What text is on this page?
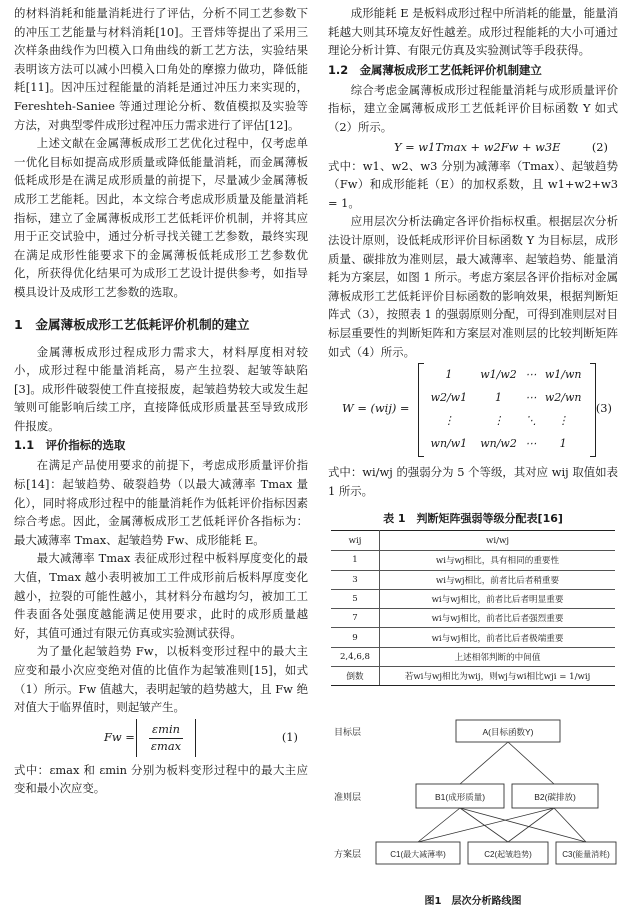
的材料消耗和能量消耗进行了评估，分析不同工艺参数下的冲压工艺能量与材料消耗[10]。王晋炜等提出了采用三次样条曲线作为凹模入口角曲线的新工艺方法，实验结果表明该方法可以减小凹模入口角处的摩擦力做功，降低能耗[11]。因冲压过程能量的消耗是通过冲压力来实现的，Fereshteh-Saniee 等通过理论分析、数值模拟及实验等方法，对典型零件成形过程冲压力需求进行了评估[12]。

上述文献在金属薄板成形工艺优化过程中，仅考虑单一优化目标如提高成形质量或降低能量消耗，而金属薄板低耗成形是在满足成形质量的前提下，尽量减少金属薄板成形工艺能耗。因此，本文综合考虑成形质量及能量消耗指标，建立了金属薄板成形工艺低耗评价机制，并将其应用于正交试验中，通过分析寻找关键工艺参数，最终实现在满足成形性能要求下的金属薄板低耗成形工艺参数优化，所获得优化结果可为成形工艺设计提供参考，如指导模具设计及成形工艺参数的选取。

1　金属薄板成形工艺低耗评价机制的建立

金属薄板成形过程成形力需求大，材料厚度相对较小，成形过程中能量消耗高，易产生拉裂、起皱等缺陷[3]。成形件破裂使工件直接报废，起皱趋势较大或发生起皱则可能影响后续工序，直接降低成形质量甚至导致成形件报废。

1.1　评价指标的选取

在满足产品使用要求的前提下，考虑成形质量评价指标[14]：起皱趋势、破裂趋势（以最大减薄率 Tmax 量化），同时将成形过程中的能量消耗作为低耗评价指标因素综合考虑。因此，金属薄板成形工艺低耗评价各指标为：最大减薄率 Tmax、起皱趋势 Fw、成形能耗 E。

最大减薄率 Tmax 表征成形过程中板料厚度变化的最大值，Tmax 越小表明被加工工件成形前后板料厚度变化越小，拉裂的可能性越小，其材料分布越均匀，被加工工件表面各处强度越能满足使用要求，此时的成形质量越好，其值可通过有限元仿真或实验测试获得。

为了量化起皱趋势 Fw，以板料变形过程中的最大主应变和最小次应变绝对值的比值作为起皱准则[15]，如式（1）所示。Fw 值越大，表明起皱的趋势越大，且 Fw 绝对值大于临界值时，则起皱产生。

Fw =
εmin
εmax
(1)

式中：εmax 和 εmin 分别为板料变形过程中的最大主应变和最小次应变。

成形能耗 E 是板料成形过程中所消耗的能量，能量消耗越大则其环境友好性越差。成形过程能耗的大小可通过理论分析计算、有限元仿真及实验测试等手段获得。

1.2　金属薄板成形工艺低耗评价机制建立

综合考虑金属薄板成形过程能量消耗与成形质量评价指标，建立金属薄板成形工艺低耗评价目标函数 Y 如式（2）所示。

Y = w1Tmax + w2Fw + w3E	(2)

式中：w1、w2、w3 分别为减薄率（Tmax）、起皱趋势（Fw）和成形能耗（E）的加权系数，且 w1+w2+w3 = 1。

应用层次分析法确定各评价指标权重。根据层次分析法设计原则，设低耗成形评价目标函数 Y 为目标层，成形质量、碳排放为准则层，最大减薄率、起皱趋势、能量消耗为方案层，如图 1 所示。考虑方案层各评价指标对金属薄板成形工艺低耗评价目标函数的影响效果，根据判断矩阵式（3），按照表 1 的强弱原则分配，可得到准则层对目标层重要性的判断矩阵和方案层对准则层的比较判断矩阵如式（4）所示。

W = (wij) =
1	w1/w2	⋯	w1/wn
w2/w1	1	⋯	w2/wn
⋮	⋮	⋱	⋮
wn/w1	wn/w2	⋯	1
(3)

式中：wi/wj 的强弱分为 5 个等级，其对应 wij 取值如表 1 所示。

表 1　判断矩阵强弱等级分配表[16]
wij	wi/wj
1	wi与wj相比，具有相同的重要性
3	wi与wj相比，前者比后者稍重要
5	wi与wj相比，前者比后者明显重要
7	wi与wj相比，前者比后者强烈重要
9	wi与wj相比，前者比后者极端重要
2,4,6,8	上述相邻判断的中间值
倒数	若wi与wj相比为wij，则wj与wi相比wji = 1/wij
目标层
准则层
方案层
A(目标函数Y)
B1(成形质量)	B2(碳排放)
C1(最大减薄率)	C2(起皱趋势)	C3(能量消耗)
图1　层次分析路线图
